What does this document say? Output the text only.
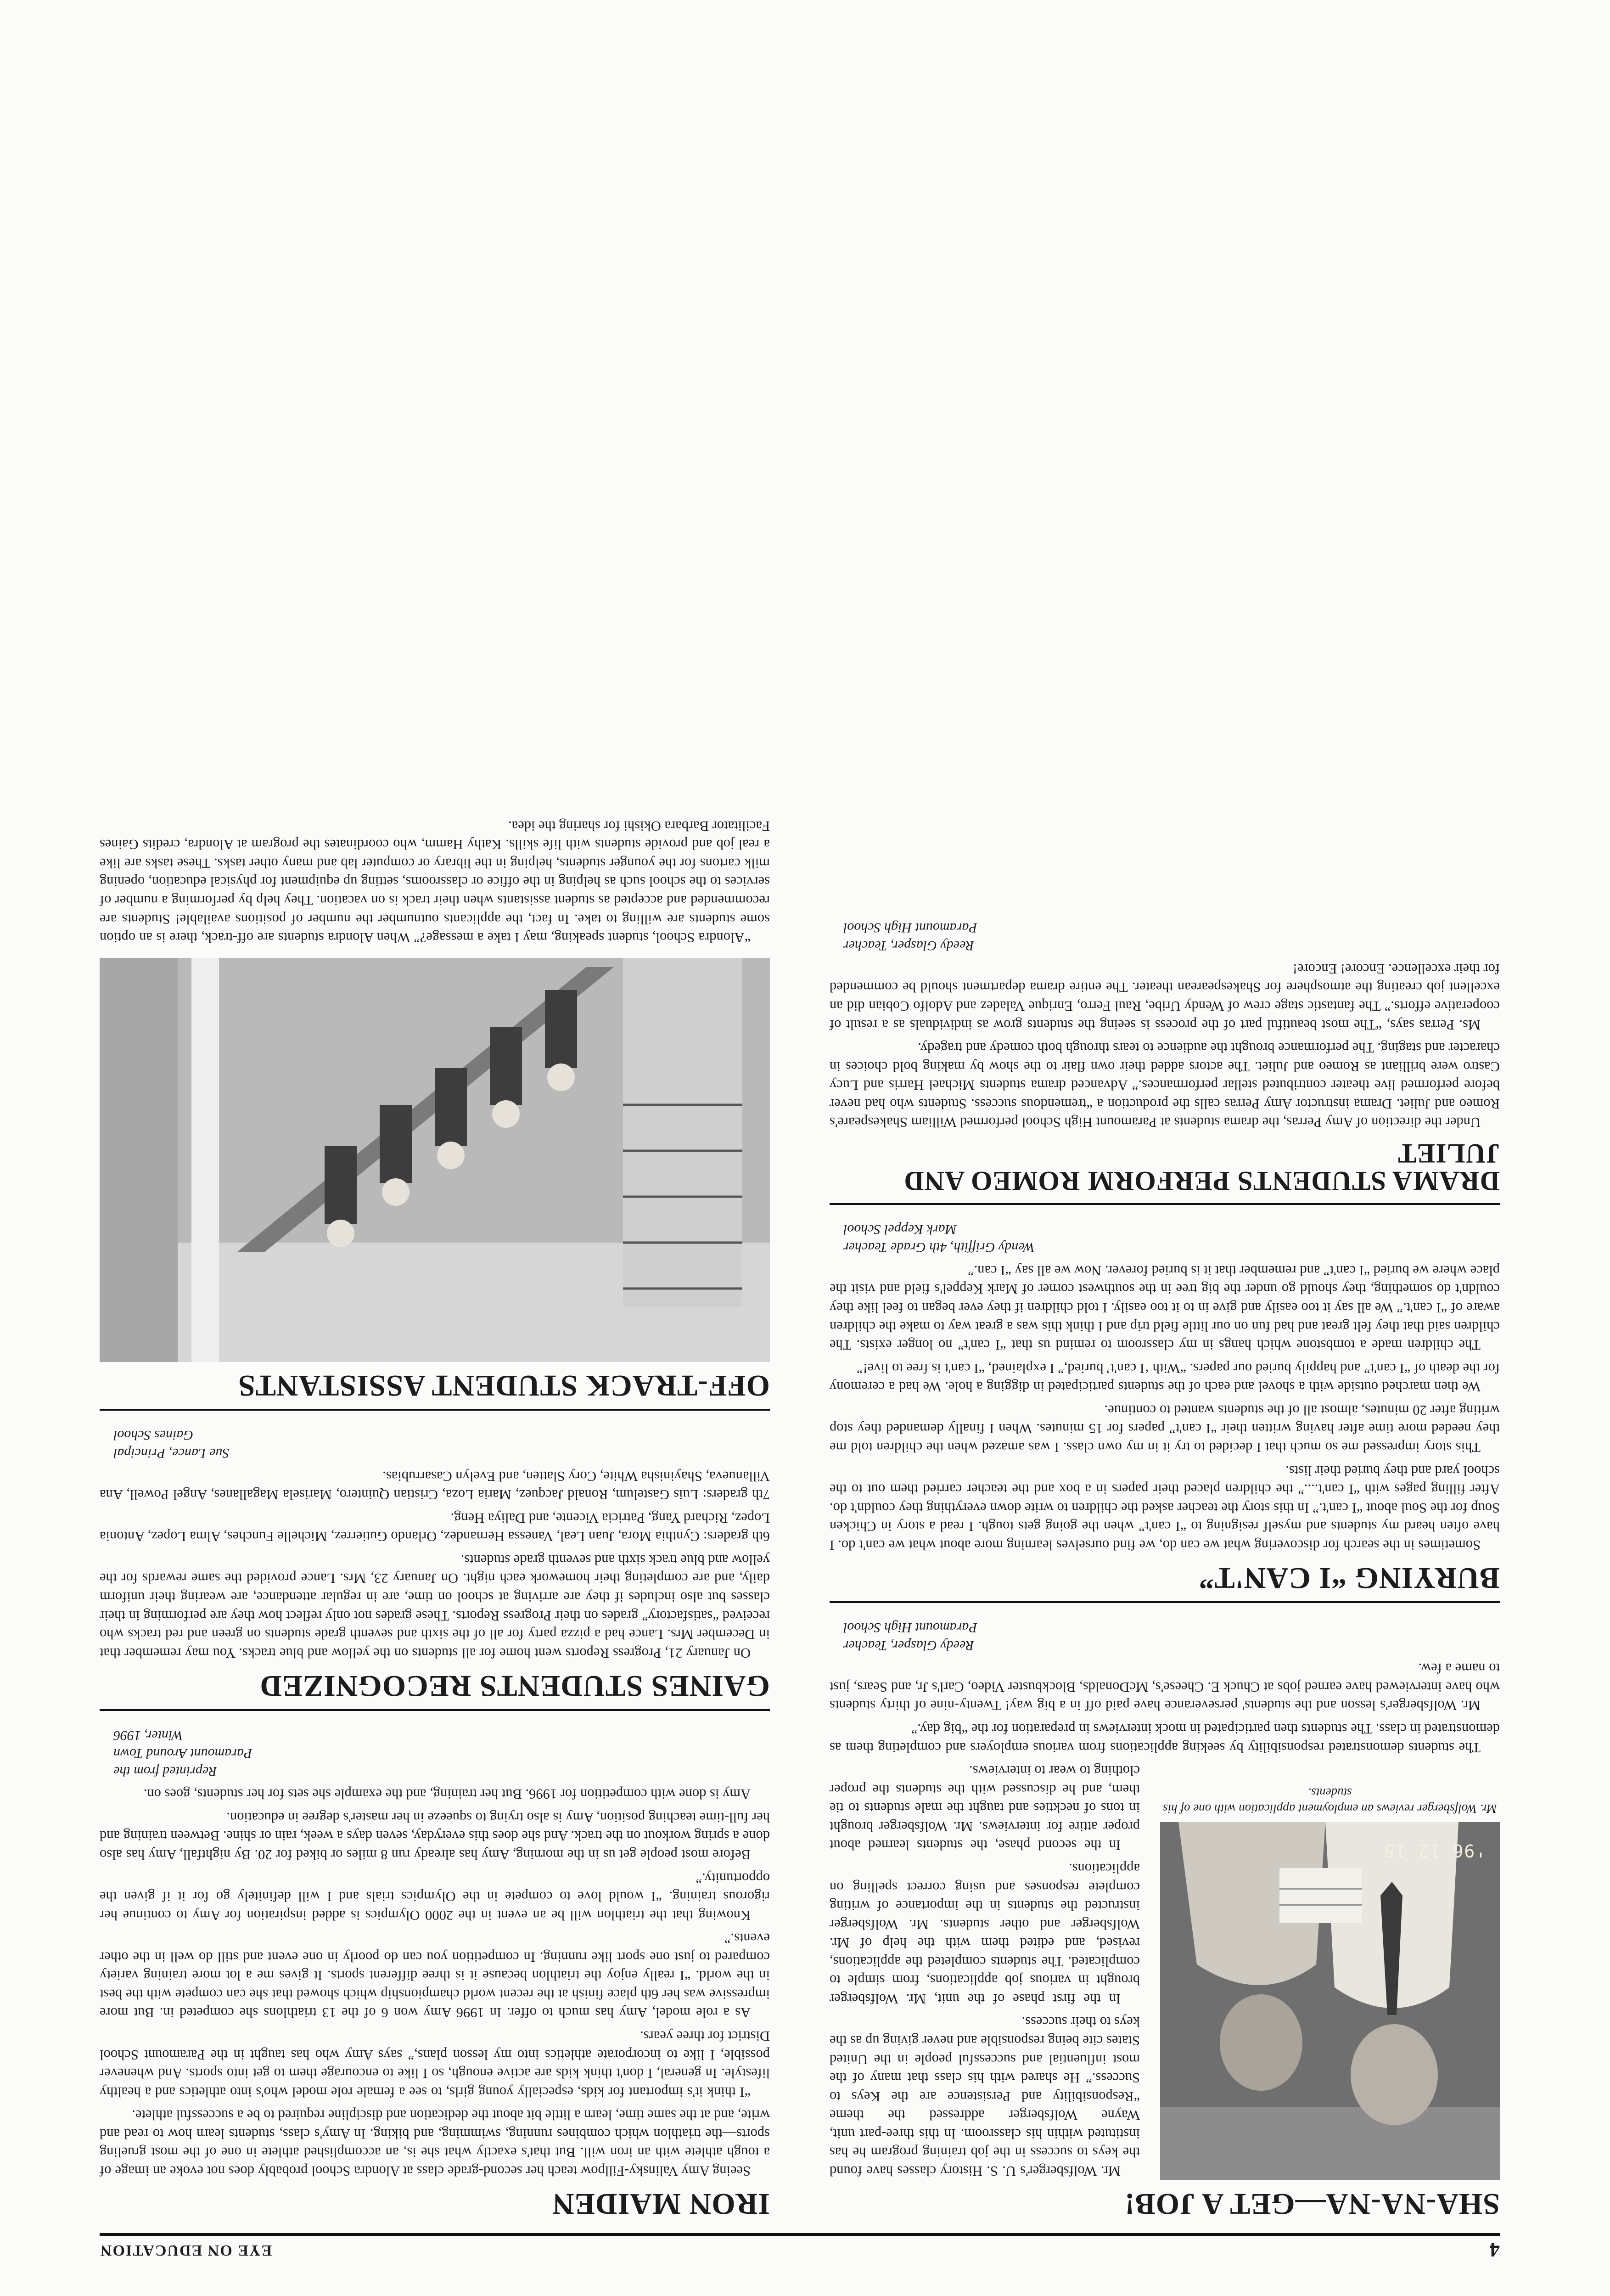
4
EYE ON EDUCATION
SHA-NA-NA—GET A JOB!
'96 12 15
Mr. Wolfsberger reviews an employment application with one of his students.

Mr. Wolfsberger's U. S. History classes have found the keys to success in the job training program he has instituted within his classroom. In this three-part unit, Wayne Wolfsberger addressed the theme “Responsibility and Persistence are the Keys to Success.” He shared with his class that many of the most influential and successful people in the United States cite being responsible and never giving up as the keys to their success.

In the first phase of the unit, Mr. Wolfsberger brought in various job applications, from simple to complicated. The students completed the applications, revised, and edited them with the help of Mr. Wolfsberger and other students. Mr. Wolfsberger instructed the students in the importance of writing complete responses and using correct spelling on applications.

In the second phase, the students learned about proper attire for interviews. Mr. Wolfsberger brought in tons of neckties and taught the male students to tie them, and he discussed with the students the proper clothing to wear to interviews.

The students demonstrated responsibility by seeking applications from various employers and completing them as demonstrated in class. The students then participated in mock interviews in preparation for the “big day.”

Mr. Wolfsberger's lesson and the students' perseverance have paid off in a big way! Twenty-nine of thirty students who have interviewed have earned jobs at Chuck E. Cheese's, McDonalds, Blockbuster Video, Carl's Jr, and Sears, just to name a few.

Reedy Glasper, Teacher
Paramount High School
BURYING “I CAN'T”

Sometimes in the search for discovering what we can do, we find ourselves learning more about what we can't do. I have often heard my students and myself resigning to “I can't” when the going gets tough. I read a story in Chicken Soup for the Soul about “I can't.” In this story the teacher asked the children to write down everything they couldn't do. After filling pages with “I can't....” the children placed their papers in a box and the teacher carried them out to the school yard and they buried their lists.

This story impressed me so much that I decided to try it in my own class. I was amazed when the children told me they needed more time after having written their “I can't” papers for 15 minutes. When I finally demanded they stop writing after 20 minutes, almost all of the students wanted to continue.

We then marched outside with a shovel and each of the students participated in digging a hole. We had a ceremony for the death of “I can't” and happily buried our papers. “With ‘I can't’ buried,” I explained, “I can't is free to live!”

The children made a tombstone which hangs in my classroom to remind us that “I can't” no longer exists. The children said that they felt great and had fun on our little field trip and I think this was a great way to make the children aware of “I can't.” We all say it too easily and give in to it too easily. I told children if they ever began to feel like they couldn't do something, they should go under the big tree in the southwest corner of Mark Keppel's field and visit the place where we buried “I can't” and remember that it is buried forever. Now we all say “I can.”

Wendy Griffith, 4th Grade Teacher
Mark Keppel School
DRAMA STUDENTS PERFORM ROMEO AND JULIET

Under the direction of Amy Perras, the drama students at Paramount High School performed William Shakespeare's Romeo and Juliet. Drama instructor Amy Perras calls the production a “tremendous success. Students who had never before performed live theater contributed stellar performances.” Advanced drama students Michael Harris and Lucy Castro were brilliant as Romeo and Juliet. The actors added their own flair to the show by making bold choices in character and staging. The performance brought the audience to tears through both comedy and tragedy.

Ms. Perras says, “The most beautiful part of the process is seeing the students grow as individuals as a result of cooperative efforts.” The fantastic stage crew of Wendy Uribe, Raul Ferro, Enrique Valadez and Adolfo Cobian did an excellent job creating the atmosphere for Shakespearean theater. The entire drama department should be commended for their excellence. Encore! Encore!

Reedy Glasper, Teacher
Paramount High School
IRON MAIDEN

Seeing Amy Valinsky-Fillpow teach her second-grade class at Alondra School probably does not evoke an image of a tough athlete with an iron will. But that's exactly what she is, an accomplished athlete in one of the most grueling sports—the triathlon which combines running, swimming, and biking. In Amy's class, students learn how to read and write, and at the same time, learn a little bit about the dedication and discipline required to be a successful athlete.

“I think it's important for kids, especially young girls, to see a female role model who's into athletics and a healthy lifestyle. In general, I don't think kids are active enough, so I like to encourage them to get into sports. And whenever possible, I like to incorporate athletics into my lesson plans,” says Amy who has taught in the Paramount School District for three years.

As a role model, Amy has much to offer. In 1996 Amy won 6 of the 13 triathlons she competed in. But more impressive was her 6th place finish at the recent world championship which showed that she can compete with the best in the world. “I really enjoy the triathlon because it is three different sports. It gives me a lot more training variety compared to just one sport like running. In competition you can do poorly in one event and still do well in the other events.”

Knowing that the triathlon will be an event in the 2000 Olympics is added inspiration for Amy to continue her rigorous training. “I would love to compete in the Olympics trials and I will definitely go for it if given the opportunity.”

Before most people get us in the morning, Amy has already run 8 miles or biked for 20. By nightfall, Amy has also done a spring workout on the track. And she does this everyday, seven days a week, rain or shine. Between training and her full-time teaching position, Amy is also trying to squeeze in her master's degree in education.

Amy is done with competition for 1996. But her training, and the example she sets for her students, goes on.

Reprinted from the
Paramount Around Town
Winter, 1996
GAINES STUDENTS RECOGNIZED

On January 21, Progress Reports went home for all students on the yellow and blue tracks. You may remember that in December Mrs. Lance had a pizza party for all of the sixth and seventh grade students on green and red tracks who received “satisfactory” grades on their Progress Reports. These grades not only reflect how they are performing in their classes but also includes if they are arriving at school on time, are in regular attendance, are wearing their uniform daily, and are completing their homework each night. On January 23, Mrs. Lance provided the same rewards for the yellow and blue track sixth and seventh grade students.

6th graders: Cynthia Mora, Juan Leal, Vanessa Hernandez, Orlando Gutierrez, Michelle Funches, Alma Lopez, Antonia Lopez, Richard Yang, Patricia Vicente, and Daliya Heng.

7th graders: Luis Gastelum, Ronald Jacquez, Maria Loza, Cristian Quintero, Marisela Magallanes, Angel Powell, Ana Villanueva, Shayinisha White, Cory Slatten, and Evelyn Casarrubias.

Sue Lance, Principal
Gaines School
OFF-TRACK STUDENT ASSISTANTS

“Alondra School, student speaking, may I take a message?” When Alondra students are off-track, there is an option some students are willing to take. In fact, the applicants outnumber the number of positions available! Students are recommended and accepted as student assistants when their track is on vacation. They help by performing a number of services to the school such as helping in the office or classrooms, setting up equipment for physical education, opening milk cartons for the younger students, helping in the library or computer lab and many other tasks. These tasks are like a real job and provide students with life skills. Kathy Hamm, who coordinates the program at Alondra, credits Gaines Facilitator Barbara Okishi for sharing the idea.
